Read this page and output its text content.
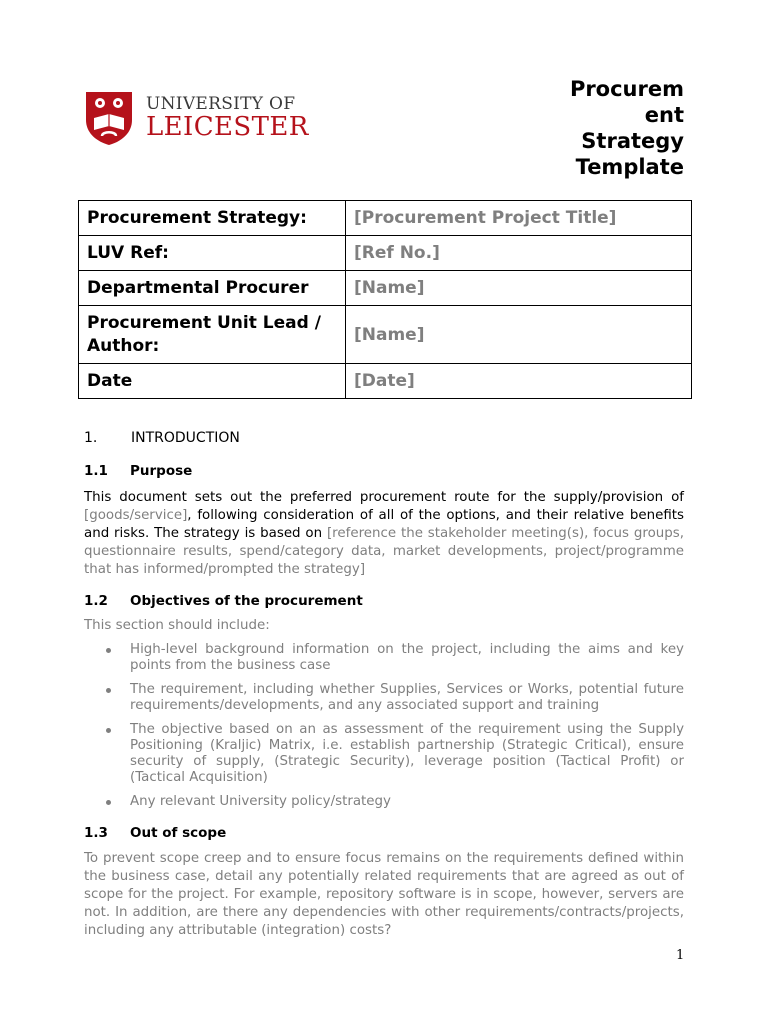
UNIVERSITY OF
LEICESTER
Procurem
ent
Strategy
Template
Procurement Strategy:	[Procurement Project Title]
LUV Ref:	[Ref No.]
Departmental Procurer	[Name]
Procurement Unit Lead / Author:	[Name]
Date	[Date]
1. INTRODUCTION
1.1 Purpose
This document sets out the preferred procurement route for the supply/provision of [goods/service], following consideration of all of the options, and their relative benefits and risks. The strategy is based on [reference the stakeholder meeting(s), focus groups, questionnaire results, spend/category data, market developments, project/programme that has informed/prompted the strategy]
1.2 Objectives of the procurement
This section should include:
High-level background information on the project, including the aims and key points from the business case
The requirement, including whether Supplies, Services or Works, potential future requirements/developments, and any associated support and training
The objective based on an as assessment of the requirement using the Supply Positioning (Kraljic) Matrix, i.e. establish partnership (Strategic Critical), ensure security of supply, (Strategic Security), leverage position (Tactical Profit) or (Tactical Acquisition)
Any relevant University policy/strategy
1.3 Out of scope
To prevent scope creep and to ensure focus remains on the requirements defined within the business case, detail any potentially related requirements that are agreed as out of scope for the project. For example, repository software is in scope, however, servers are not. In addition, are there any dependencies with other requirements/contracts/projects, including any attributable (integration) costs?
1
